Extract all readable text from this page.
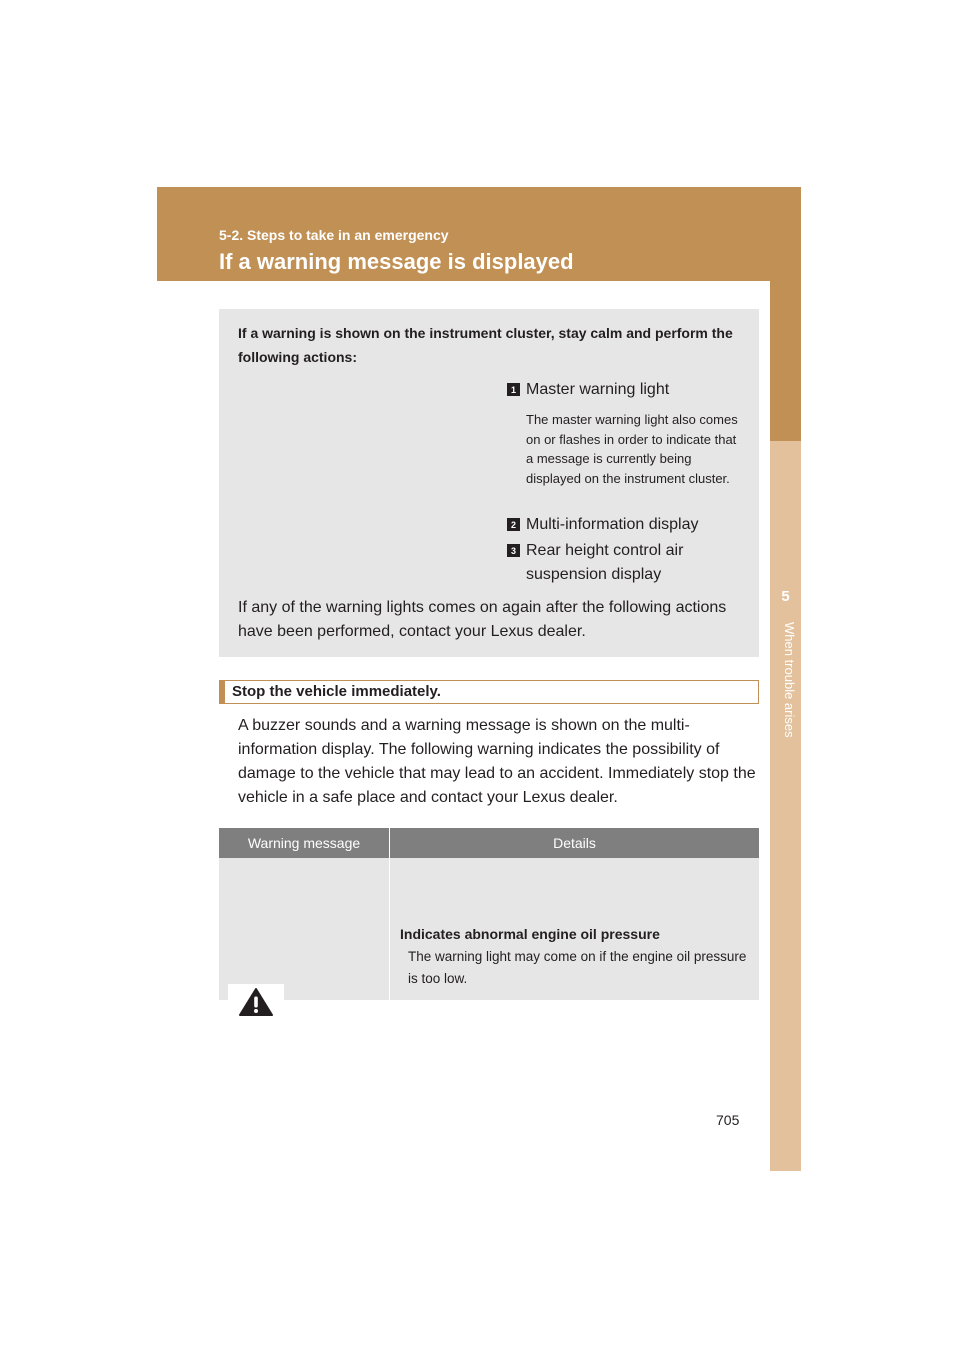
5-2. Steps to take in an emergency
If a warning message is displayed
5
When trouble arises
If a warning is shown on the instrument cluster, stay calm and perform the following actions:
1 Master warning light
The master warning light also comes on or flashes in order to indicate that a message is currently being displayed on the instrument cluster.
2 Multi-information display
3 Rear height control air suspension display
If any of the warning lights comes on again after the following actions have been performed, contact your Lexus dealer.
Stop the vehicle immediately.
A buzzer sounds and a warning message is shown on the multi-information display. The following warning indicates the possibility of damage to the vehicle that may lead to an accident. Immediately stop the vehicle in a safe place and contact your Lexus dealer.
Warning message	Details
Indicates abnormal engine oil pressure
The warning light may come on if the engine oil pressure is too low.
705
